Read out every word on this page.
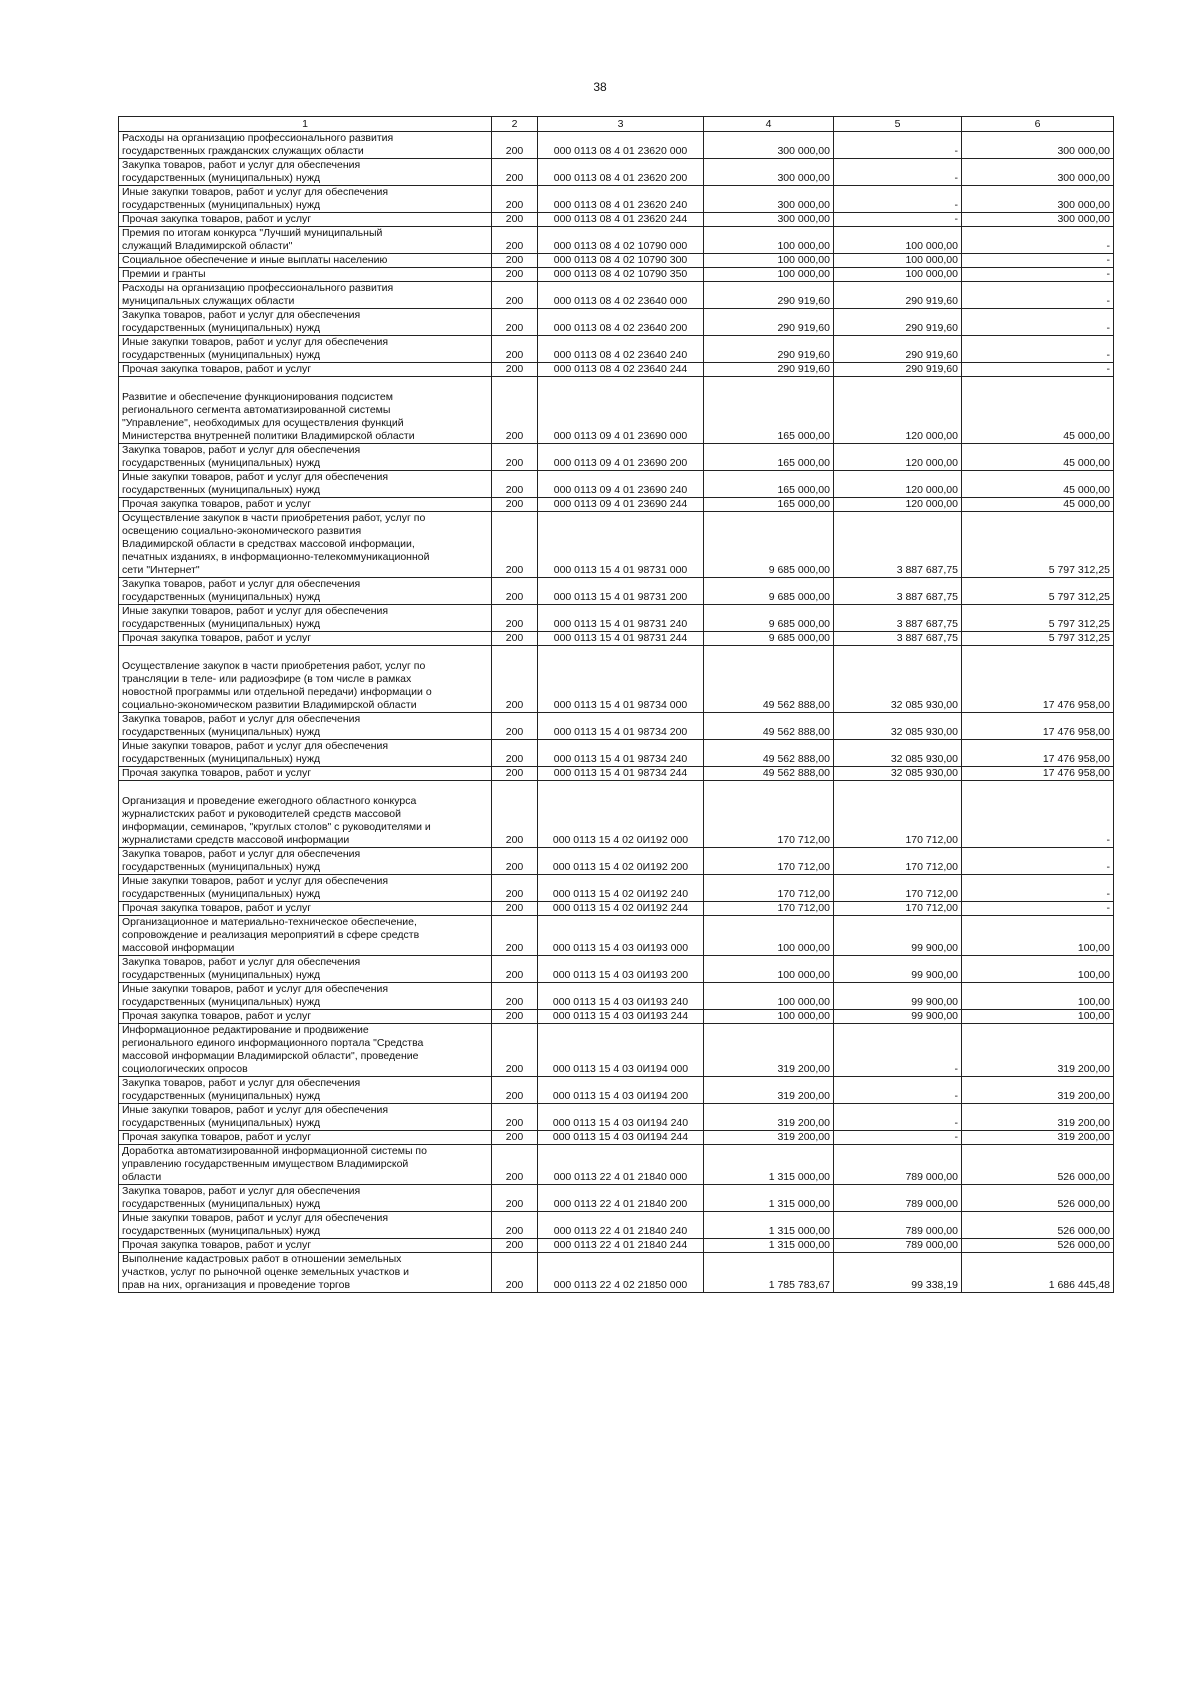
38
1	2	3	4	5	6
Расходы на организацию профессионального развития
государственных гражданских служащих области	200	000 0113 08 4 01 23620 000	300 000,00	-	300 000,00
Закупка товаров, работ и услуг для обеспечения
государственных (муниципальных) нужд	200	000 0113 08 4 01 23620 200	300 000,00	-	300 000,00
Иные закупки товаров, работ и услуг для обеспечения
государственных (муниципальных) нужд	200	000 0113 08 4 01 23620 240	300 000,00	-	300 000,00
Прочая закупка товаров, работ и услуг	200	000 0113 08 4 01 23620 244	300 000,00	-	300 000,00
Премия по итогам конкурса "Лучший муниципальный
служащий Владимирской области"	200	000 0113 08 4 02 10790 000	100 000,00	100 000,00	-
Социальное обеспечение и иные выплаты населению	200	000 0113 08 4 02 10790 300	100 000,00	100 000,00	-
Премии и гранты	200	000 0113 08 4 02 10790 350	100 000,00	100 000,00	-
Расходы на организацию профессионального развития
муниципальных служащих области	200	000 0113 08 4 02 23640 000	290 919,60	290 919,60	-
Закупка товаров, работ и услуг для обеспечения
государственных (муниципальных) нужд	200	000 0113 08 4 02 23640 200	290 919,60	290 919,60	-
Иные закупки товаров, работ и услуг для обеспечения
государственных (муниципальных) нужд	200	000 0113 08 4 02 23640 240	290 919,60	290 919,60	-
Прочая закупка товаров, работ и услуг	200	000 0113 08 4 02 23640 244	290 919,60	290 919,60	-
Развитие и обеспечение функционирования подсистем
регионального сегмента автоматизированной системы
"Управление", необходимых для осуществления функций
Министерства внутренней политики Владимирской области	200	000 0113 09 4 01 23690 000	165 000,00	120 000,00	45 000,00
Закупка товаров, работ и услуг для обеспечения
государственных (муниципальных) нужд	200	000 0113 09 4 01 23690 200	165 000,00	120 000,00	45 000,00
Иные закупки товаров, работ и услуг для обеспечения
государственных (муниципальных) нужд	200	000 0113 09 4 01 23690 240	165 000,00	120 000,00	45 000,00
Прочая закупка товаров, работ и услуг	200	000 0113 09 4 01 23690 244	165 000,00	120 000,00	45 000,00
Осуществление закупок в части приобретения работ, услуг по
освещению социально-экономического развития
Владимирской области в средствах массовой информации,
печатных изданиях, в информационно-телекоммуникационной
сети "Интернет"	200	000 0113 15 4 01 98731 000	9 685 000,00	3 887 687,75	5 797 312,25
Закупка товаров, работ и услуг для обеспечения
государственных (муниципальных) нужд	200	000 0113 15 4 01 98731 200	9 685 000,00	3 887 687,75	5 797 312,25
Иные закупки товаров, работ и услуг для обеспечения
государственных (муниципальных) нужд	200	000 0113 15 4 01 98731 240	9 685 000,00	3 887 687,75	5 797 312,25
Прочая закупка товаров, работ и услуг	200	000 0113 15 4 01 98731 244	9 685 000,00	3 887 687,75	5 797 312,25
Осуществление закупок в части приобретения работ, услуг по
трансляции в теле- или радиоэфире (в том числе в рамках
новостной программы или отдельной передачи) информации о
социально-экономическом развитии Владимирской области	200	000 0113 15 4 01 98734 000	49 562 888,00	32 085 930,00	17 476 958,00
Закупка товаров, работ и услуг для обеспечения
государственных (муниципальных) нужд	200	000 0113 15 4 01 98734 200	49 562 888,00	32 085 930,00	17 476 958,00
Иные закупки товаров, работ и услуг для обеспечения
государственных (муниципальных) нужд	200	000 0113 15 4 01 98734 240	49 562 888,00	32 085 930,00	17 476 958,00
Прочая закупка товаров, работ и услуг	200	000 0113 15 4 01 98734 244	49 562 888,00	32 085 930,00	17 476 958,00
Организация и проведение ежегодного областного конкурса
журналистских работ и руководителей средств массовой
информации, семинаров, "круглых столов" с руководителями и
журналистами средств массовой информации	200	000 0113 15 4 02 0И192 000	170 712,00	170 712,00	-
Закупка товаров, работ и услуг для обеспечения
государственных (муниципальных) нужд	200	000 0113 15 4 02 0И192 200	170 712,00	170 712,00	-
Иные закупки товаров, работ и услуг для обеспечения
государственных (муниципальных) нужд	200	000 0113 15 4 02 0И192 240	170 712,00	170 712,00	-
Прочая закупка товаров, работ и услуг	200	000 0113 15 4 02 0И192 244	170 712,00	170 712,00	-
Организационное и материально-техническое обеспечение,
сопровождение и реализация мероприятий в сфере средств
массовой информации	200	000 0113 15 4 03 0И193 000	100 000,00	99 900,00	100,00
Закупка товаров, работ и услуг для обеспечения
государственных (муниципальных) нужд	200	000 0113 15 4 03 0И193 200	100 000,00	99 900,00	100,00
Иные закупки товаров, работ и услуг для обеспечения
государственных (муниципальных) нужд	200	000 0113 15 4 03 0И193 240	100 000,00	99 900,00	100,00
Прочая закупка товаров, работ и услуг	200	000 0113 15 4 03 0И193 244	100 000,00	99 900,00	100,00
Информационное редактирование и продвижение
регионального единого информационного портала "Средства
массовой информации Владимирской области", проведение
социологических опросов	200	000 0113 15 4 03 0И194 000	319 200,00	-	319 200,00
Закупка товаров, работ и услуг для обеспечения
государственных (муниципальных) нужд	200	000 0113 15 4 03 0И194 200	319 200,00	-	319 200,00
Иные закупки товаров, работ и услуг для обеспечения
государственных (муниципальных) нужд	200	000 0113 15 4 03 0И194 240	319 200,00	-	319 200,00
Прочая закупка товаров, работ и услуг	200	000 0113 15 4 03 0И194 244	319 200,00	-	319 200,00
Доработка автоматизированной информационной системы по
управлению государственным имуществом Владимирской
области	200	000 0113 22 4 01 21840 000	1 315 000,00	789 000,00	526 000,00
Закупка товаров, работ и услуг для обеспечения
государственных (муниципальных) нужд	200	000 0113 22 4 01 21840 200	1 315 000,00	789 000,00	526 000,00
Иные закупки товаров, работ и услуг для обеспечения
государственных (муниципальных) нужд	200	000 0113 22 4 01 21840 240	1 315 000,00	789 000,00	526 000,00
Прочая закупка товаров, работ и услуг	200	000 0113 22 4 01 21840 244	1 315 000,00	789 000,00	526 000,00
Выполнение кадастровых работ в отношении земельных
участков, услуг по рыночной оценке земельных участков и
прав на них, организация и проведение торгов	200	000 0113 22 4 02 21850 000	1 785 783,67	99 338,19	1 686 445,48
